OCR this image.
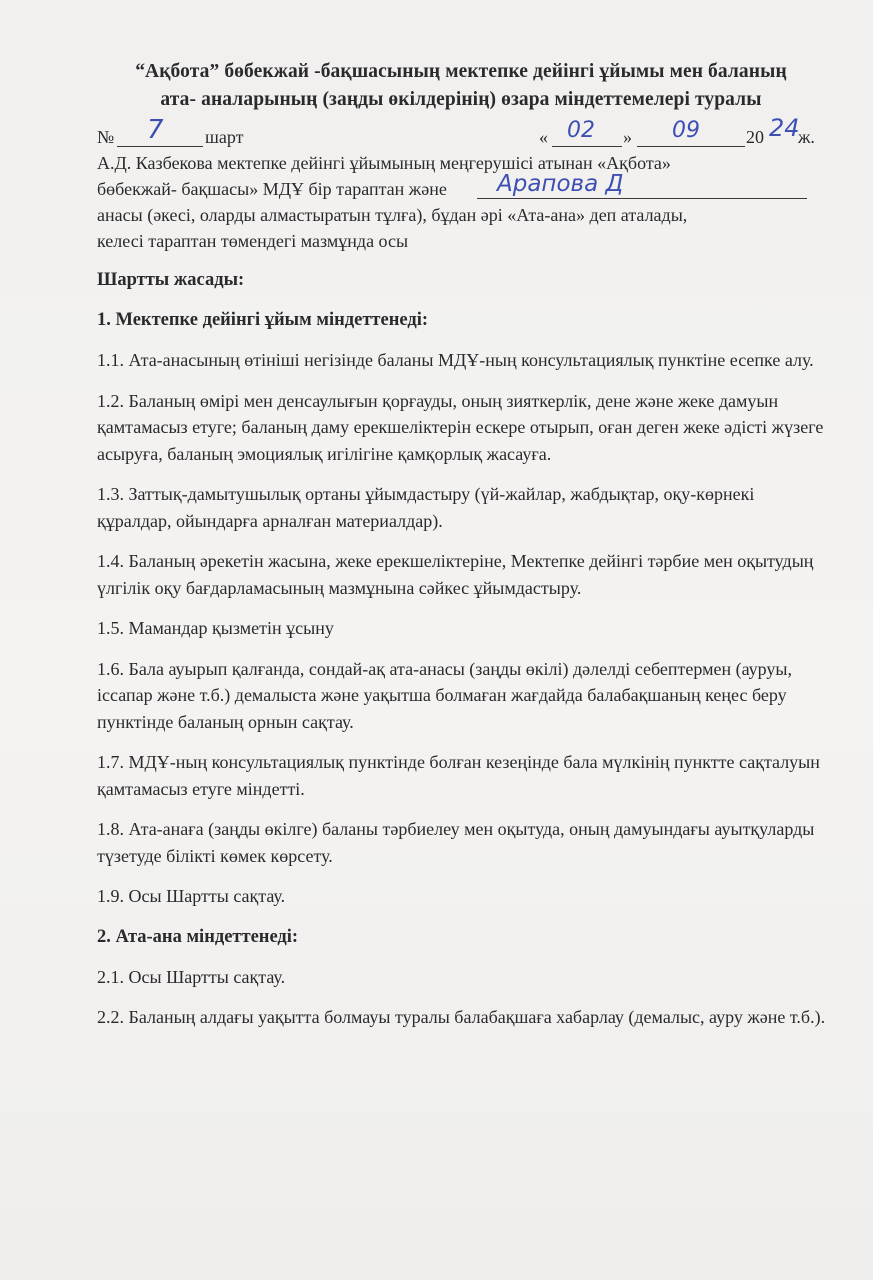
“Ақбота” бөбекжай -бақшасының мектепке дейінгі ұйымы мен баланың
ата- аналарының (заңды өкілдерінің) өзара міндеттемелері туралы
№ 7 шарт	« 02 » 09	20 24
ж.
А.Д. Казбекова мектепке дейінгі ұйымының меңгерушісі атынан «Ақбота»
бөбекжай- бақшасы» МДҰ бір тараптан және Арапова Д
анасы (әкесі, оларды алмастыратын тұлға), бұдан әрі «Ата-ана» деп аталады,
келесі тараптан төмендегі мазмұнда осы
Шартты жасады:
1. Мектепке дейінгі ұйым міндеттенеді:
1.1. Ата-анасының өтініші негізінде баланы МДҰ-ның консультациялық пунктіне есепке алу.
1.2. Баланың өмірі мен денсаулығын қорғауды, оның зияткерлік, дене және жеке дамуын қамтамасыз етуге; баланың даму ерекшеліктерін ескере отырып, оған деген жеке әдісті жүзеге асыруға, баланың эмоциялық игілігіне қамқорлық жасауға.
1.3. Заттық-дамытушылық ортаны ұйымдастыру (үй-жайлар, жабдықтар, оқу-көрнекі құралдар, ойындарға арналған материалдар).
1.4. Баланың әрекетін жасына, жеке ерекшеліктеріне, Мектепке дейінгі тәрбие мен оқытудың үлгілік оқу бағдарламасының мазмұнына сәйкес ұйымдастыру.
1.5. Мамандар қызметін ұсыну
1.6. Бала ауырып қалғанда, сондай-ақ ата-анасы (заңды өкілі) дәлелді себептермен (ауруы, іссапар және т.б.) демалыста және уақытша болмаған жағдайда балабақшаның кеңес беру пунктінде баланың орнын сақтау.
1.7. МДҰ-ның консультациялық пунктінде болған кезеңінде бала мүлкінің пунктте сақталуын қамтамасыз етуге міндетті.
1.8. Ата-анаға (заңды өкілге) баланы тәрбиелеу мен оқытуда, оның дамуындағы ауытқуларды түзетуде білікті көмек көрсету.
1.9. Осы Шартты сақтау.
2. Ата-ана міндеттенеді:
2.1. Осы Шартты сақтау.
2.2. Баланың алдағы уақытта болмауы туралы балабақшаға хабарлау (демалыс, ауру және т.б.).
